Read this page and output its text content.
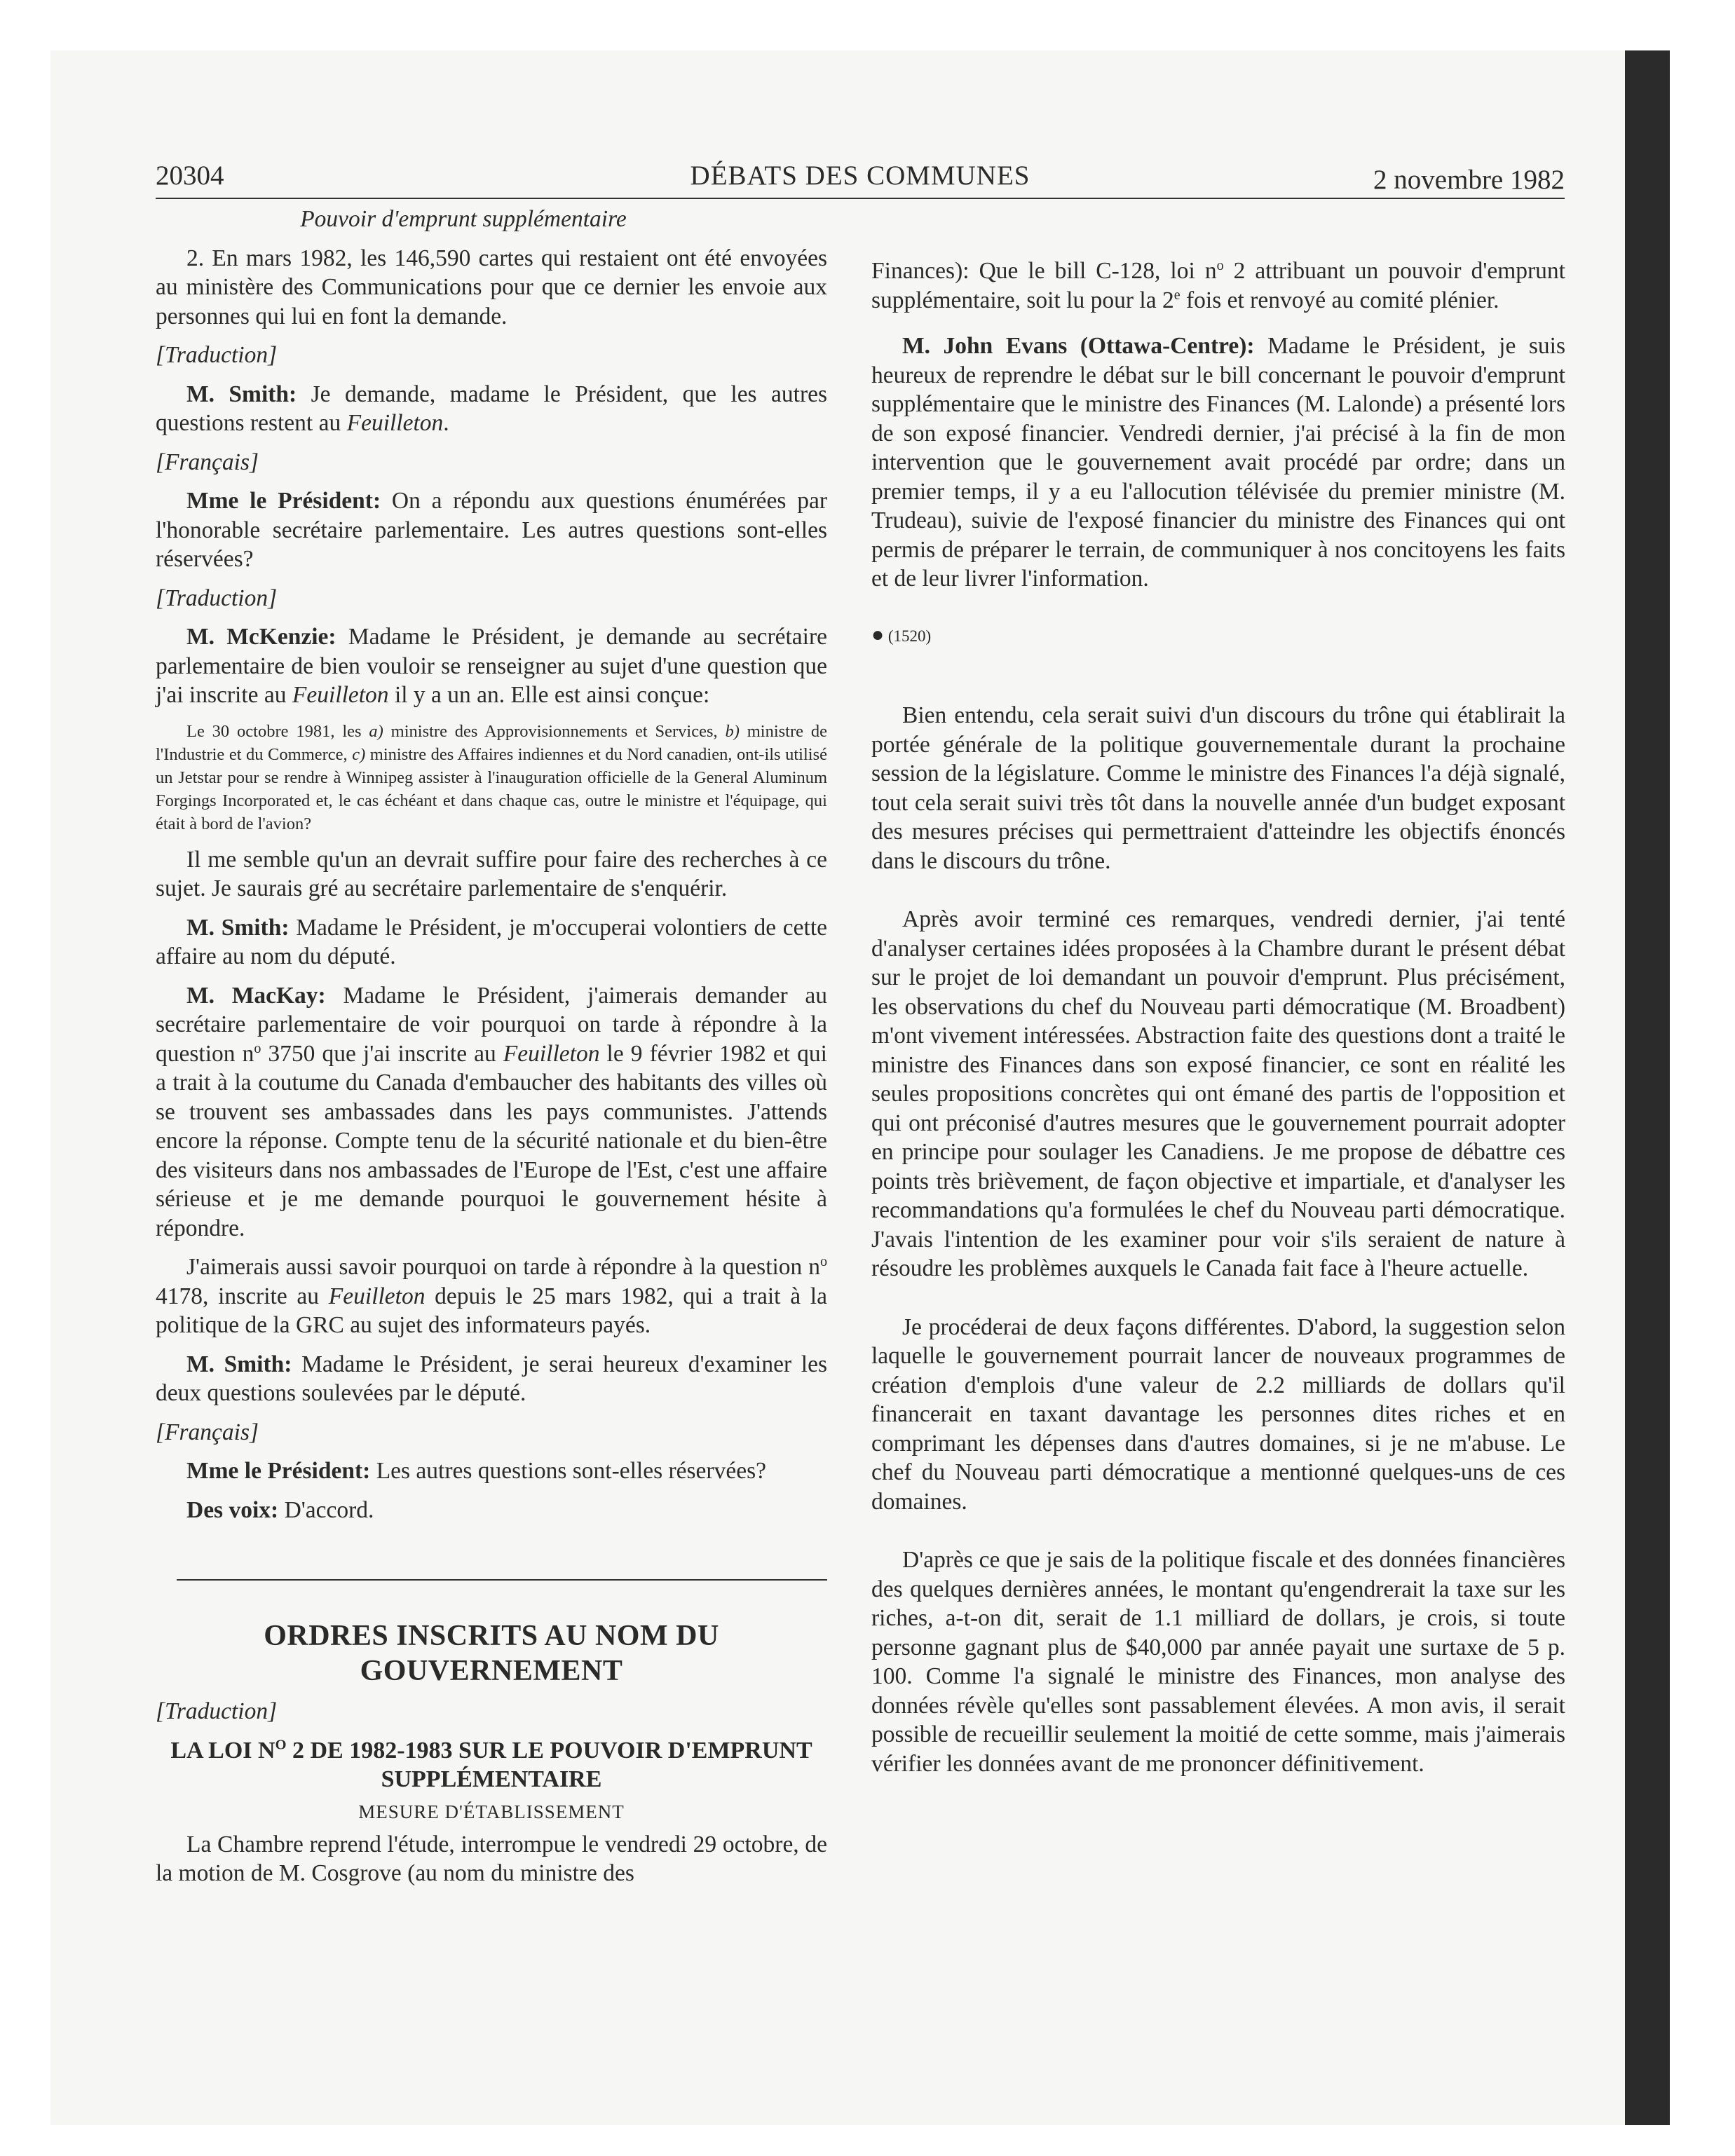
20304	DÉBATS DES COMMUNES	2 novembre 1982
Pouvoir d'emprunt supplémentaire

2. En mars 1982, les 146,590 cartes qui restaient ont été envoyées au ministère des Communications pour que ce dernier les envoie aux personnes qui lui en font la demande.

[Traduction]

M. Smith: Je demande, madame le Président, que les autres questions restent au Feuilleton.

[Français]

Mme le Président: On a répondu aux questions énumérées par l'honorable secrétaire parlementaire. Les autres questions sont-elles réservées?

[Traduction]

M. McKenzie: Madame le Président, je demande au secrétaire parlementaire de bien vouloir se renseigner au sujet d'une question que j'ai inscrite au Feuilleton il y a un an. Elle est ainsi conçue:

Le 30 octobre 1981, les a) ministre des Approvisionnements et Services, b) ministre de l'Industrie et du Commerce, c) ministre des Affaires indiennes et du Nord canadien, ont-ils utilisé un Jetstar pour se rendre à Winnipeg assister à l'inauguration officielle de la General Aluminum Forgings Incorporated et, le cas échéant et dans chaque cas, outre le ministre et l'équipage, qui était à bord de l'avion?

Il me semble qu'un an devrait suffire pour faire des recherches à ce sujet. Je saurais gré au secrétaire parlementaire de s'enquérir.

M. Smith: Madame le Président, je m'occuperai volontiers de cette affaire au nom du député.

M. MacKay: Madame le Président, j'aimerais demander au secrétaire parlementaire de voir pourquoi on tarde à répondre à la question $n^o$ 3750 que j'ai inscrite au Feuilleton le 9 février 1982 et qui a trait à la coutume du Canada d'embaucher des habitants des villes où se trouvent ses ambassades dans les pays communistes. J'attends encore la réponse. Compte tenu de la sécurité nationale et du bien-être des visiteurs dans nos ambassades de l'Europe de l'Est, c'est une affaire sérieuse et je me demande pourquoi le gouvernement hésite à répondre.

J'aimerais aussi savoir pourquoi on tarde à répondre à la question $n^o$ 4178, inscrite au Feuilleton depuis le 25 mars 1982, qui a trait à la politique de la GRC au sujet des informateurs payés.

M. Smith: Madame le Président, je serai heureux d'examiner les deux questions soulevées par le député.

[Français]

Mme le Président: Les autres questions sont-elles réservées?

Des voix: D'accord.

ORDRES INSCRITS AU NOM DU GOUVERNEMENT

[Traduction]

LA LOI $N^O$ 2 DE 1982-1983 SUR LE POUVOIR D'EMPRUNT SUPPLÉMENTAIRE
MESURE D'ÉTABLISSEMENT

La Chambre reprend l'étude, interrompue le vendredi 29 octobre, de la motion de M. Cosgrove (au nom du ministre des

Finances): Que le bill C-128, loi $n^o$ 2 attribuant un pouvoir d'emprunt supplémentaire, soit lu pour la 2e fois et renvoyé au comité plénier.

M. John Evans (Ottawa-Centre): Madame le Président, je suis heureux de reprendre le débat sur le bill concernant le pouvoir d'emprunt supplémentaire que le ministre des Finances (M. Lalonde) a présenté lors de son exposé financier. Vendredi dernier, j'ai précisé à la fin de mon intervention que le gouvernement avait procédé par ordre; dans un premier temps, il y a eu l'allocution télévisée du premier ministre (M. Trudeau), suivie de l'exposé financier du ministre des Finances qui ont permis de préparer le terrain, de communiquer à nos concitoyens les faits et de leur livrer l'information.

● (1520)

Bien entendu, cela serait suivi d'un discours du trône qui établirait la portée générale de la politique gouvernementale durant la prochaine session de la législature. Comme le ministre des Finances l'a déjà signalé, tout cela serait suivi très tôt dans la nouvelle année d'un budget exposant des mesures précises qui permettraient d'atteindre les objectifs énoncés dans le discours du trône.

Après avoir terminé ces remarques, vendredi dernier, j'ai tenté d'analyser certaines idées proposées à la Chambre durant le présent débat sur le projet de loi demandant un pouvoir d'emprunt. Plus précisément, les observations du chef du Nouveau parti démocratique (M. Broadbent) m'ont vivement intéressées. Abstraction faite des questions dont a traité le ministre des Finances dans son exposé financier, ce sont en réalité les seules propositions concrètes qui ont émané des partis de l'opposition et qui ont préconisé d'autres mesures que le gouvernement pourrait adopter en principe pour soulager les Canadiens. Je me propose de débattre ces points très brièvement, de façon objective et impartiale, et d'analyser les recommandations qu'a formulées le chef du Nouveau parti démocratique. J'avais l'intention de les examiner pour voir s'ils seraient de nature à résoudre les problèmes auxquels le Canada fait face à l'heure actuelle.

Je procéderai de deux façons différentes. D'abord, la suggestion selon laquelle le gouvernement pourrait lancer de nouveaux programmes de création d'emplois d'une valeur de 2.2 milliards de dollars qu'il financerait en taxant davantage les personnes dites riches et en comprimant les dépenses dans d'autres domaines, si je ne m'abuse. Le chef du Nouveau parti démocratique a mentionné quelques-uns de ces domaines.

D'après ce que je sais de la politique fiscale et des données financières des quelques dernières années, le montant qu'engendrerait la taxe sur les riches, a-t-on dit, serait de 1.1 milliard de dollars, je crois, si toute personne gagnant plus de $40,000 par année payait une surtaxe de 5 p. 100. Comme l'a signalé le ministre des Finances, mon analyse des données révèle qu'elles sont passablement élevées. A mon avis, il serait possible de recueillir seulement la moitié de cette somme, mais j'aimerais vérifier les données avant de me prononcer définitivement.
